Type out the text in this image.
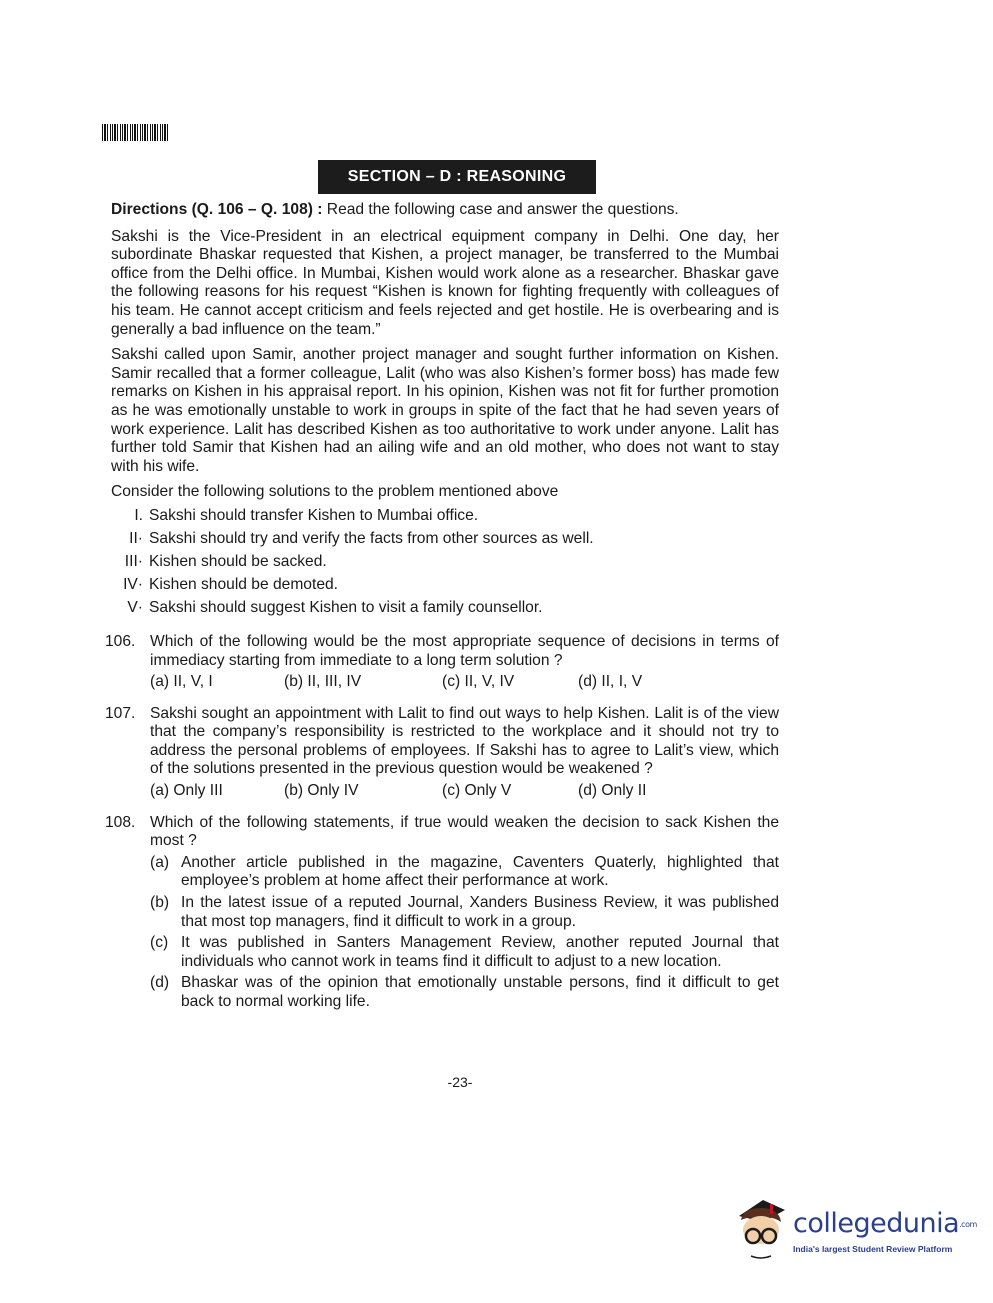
SECTION – D : REASONING

Directions (Q. 106 – Q. 108) : Read the following case and answer the questions.

Sakshi is the Vice-President in an electrical equipment company in Delhi. One day, her subordinate Bhaskar requested that Kishen, a project manager, be transferred to the Mumbai office from the Delhi office. In Mumbai, Kishen would work alone as a researcher. Bhaskar gave the following reasons for his request “Kishen is known for fighting frequently with colleagues of his team. He cannot accept criticism and feels rejected and get hostile. He is overbearing and is generally a bad influence on the team.”

Sakshi called upon Samir, another project manager and sought further information on Kishen. Samir recalled that a former colleague, Lalit (who was also Kishen’s former boss) has made few remarks on Kishen in his appraisal report. In his opinion, Kishen was not fit for further promotion as he was emotionally unstable to work in groups in spite of the fact that he had seven years of work experience. Lalit has described Kishen as too authoritative to work under anyone. Lalit has further told Samir that Kishen had an ailing wife and an old mother, who does not want to stay with his wife.

Consider the following solutions to the problem mentioned above

I. Sakshi should transfer Kishen to Mumbai office.
II· Sakshi should try and verify the facts from other sources as well.
III· Kishen should be sacked.
IV· Kishen should be demoted.
V· Sakshi should suggest Kishen to visit a family counsellor.
106. Which of the following would be the most appropriate sequence of decisions in terms of immediacy starting from immediate to a long term solution ?
(a) II, V, I	(b) II, III, IV	(c) II, V, IV	(d) II, I, V
107. Sakshi sought an appointment with Lalit to find out ways to help Kishen. Lalit is of the view that the company’s responsibility is restricted to the workplace and it should not try to address the personal problems of employees. If Sakshi has to agree to Lalit’s view, which of the solutions presented in the previous question would be weakened ?
(a) Only III	(b) Only IV	(c) Only V	(d) Only II
108. Which of the following statements, if true would weaken the decision to sack Kishen the most ?
(a) Another article published in the magazine, Caventers Quaterly, highlighted that employee’s problem at home affect their performance at work.
(b) In the latest issue of a reputed Journal, Xanders Business Review, it was published that most top managers, find it difficult to work in a group.
(c) It was published in Santers Management Review, another reputed Journal that individuals who cannot work in teams find it difficult to adjust to a new location.
(d) Bhaskar was of the opinion that emotionally unstable persons, find it difficult to get back to normal working life.
-23-
collegedunia.com
India's largest Student Review Platform
